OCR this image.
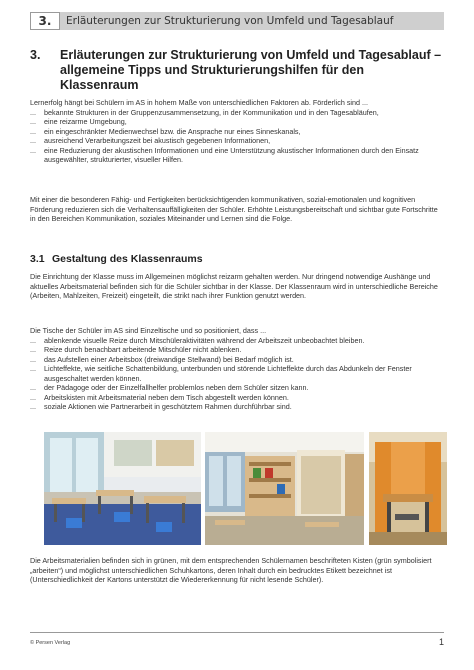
3.	Erläuterungen zur Strukturierung von Umfeld und Tagesablauf
3.	Erläuterungen zur Strukturierung von Umfeld und Tagesablauf – allgemeine Tipps und Strukturierungshilfen für den Klassenraum

Lernerfolg hängt bei Schülern im AS in hohem Maße von unterschiedlichen Faktoren ab. Förderlich sind ...

...	bekannte Strukturen in der Gruppenzusammensetzung, in der Kommunikation und in den Tagesabläufen,
...	eine reizarme Umgebung,
...	ein eingeschränkter Medienwechsel bzw. die Ansprache nur eines Sinneskanals,
...	ausreichend Verarbeitungszeit bei akustisch gegebenen Informationen,
...	eine Reduzierung der akustischen Informationen und eine Unterstützung akustischer Informationen durch den Einsatz ausgewählter, strukturierter, visueller Hilfen.
Mit einer die besonderen Fähig- und Fertigkeiten berücksichtigenden kommunikativen, sozial-emotionalen und kognitiven Förderung reduzieren sich die Verhaltensauffälligkeiten der Schüler. Erhöhte Leistungsbereitschaft und sichtbar gute Fortschritte in den Bereichen Kommunikation, soziales Miteinander und Lernen sind die Folge.
3.1 Gestaltung des Klassenraums
Die Einrichtung der Klasse muss im Allgemeinen möglichst reizarm gehalten werden. Nur dringend notwendige Aushänge und aktuelles Arbeitsmaterial befinden sich für die Schüler sichtbar in der Klasse. Der Klassenraum wird in unterschiedliche Bereiche (Arbeiten, Mahlzeiten, Freizeit) eingeteilt, die strikt nach ihrer Funktion genutzt werden.

Die Tische der Schüler im AS sind Einzeltische und so positioniert, dass ...

...	ablenkende visuelle Reize durch Mitschüleraktivitäten während der Arbeitszeit unbeobachtet bleiben.
...	Reize durch benachbart arbeitende Mitschüler nicht ablenken.
...	das Aufstellen einer Arbeitsbox (dreiwandige Stellwand) bei Bedarf möglich ist.
...	Lichteffekte, wie seitliche Schattenbildung, unterbunden und störende Lichteffekte durch das Abdunkeln der Fenster ausgeschaltet werden können.
...	der Pädagoge oder der Einzelfallhelfer problemlos neben dem Schüler sitzen kann.
...	Arbeitskisten mit Arbeitsmaterial neben dem Tisch abgestellt werden können.
...	soziale Aktionen wie Partnerarbeit in geschütztem Rahmen durchführbar sind.
Die Arbeitsmaterialien befinden sich in grünen, mit dem entsprechenden Schülernamen beschrifteten Kisten (grün symbolisiert „arbeiten“) und möglichst unterschiedlichen Schuhkartons, deren Inhalt durch ein bedrucktes Etikett bezeichnet ist (Unterschiedlichkeit der Kartons unterstützt die Wiedererkennung für nicht lesende Schüler).
© Persen Verlag	1
